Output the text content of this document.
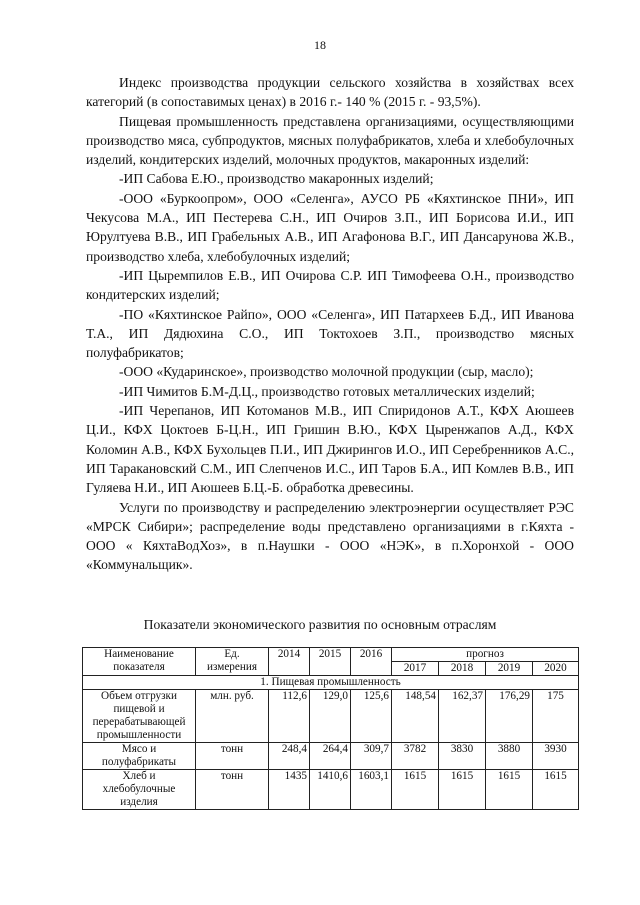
18

Индекс производства продукции сельского хозяйства в хозяйствах всех категорий (в сопоставимых ценах) в 2016 г.- 140 % (2015 г. - 93,5%).

Пищевая промышленность представлена организациями, осуществляющими производство мяса, субпродуктов, мясных полуфабрикатов, хлеба и хлебобулочных изделий, кондитерских изделий, молочных продуктов, макаронных изделий:

-ИП Сабова Е.Ю., производство макаронных изделий;

-ООО «Буркоопром», ООО «Селенга», АУСО РБ «Кяхтинское ПНИ», ИП Чекусова М.А., ИП Пестерева С.Н., ИП Очиров З.П., ИП Борисова И.И., ИП Юрултуева В.В., ИП Грабельных А.В., ИП Агафонова В.Г., ИП Дансарунова Ж.В., производство хлеба, хлебобулочных изделий;

-ИП Цыремпилов Е.В., ИП Очирова С.Р. ИП Тимофеева О.Н., производство кондитерских изделий;

-ПО «Кяхтинское Райпо», ООО «Селенга», ИП Патархеев Б.Д., ИП Иванова Т.А., ИП Дядюхина С.О., ИП Токтохоев З.П., производство мясных полуфабрикатов;

-ООО «Кударинское», производство молочной продукции (сыр, масло);

-ИП Чимитов Б.М-Д.Ц., производство готовых металлических изделий;

-ИП Черепанов, ИП Котоманов М.В., ИП Спиридонов А.Т., КФХ Аюшеев Ц.И., КФХ Цоктоев Б-Ц.Н., ИП Гришин В.Ю., КФХ Цыренжапов А.Д., КФХ Коломин А.В., КФХ Бухольцев П.И., ИП Джирингов И.О., ИП Серебренников А.С., ИП Таракановский С.М., ИП Слепченов И.С., ИП Таров Б.А., ИП Комлев В.В., ИП Гуляева Н.И., ИП Аюшеев Б.Ц.-Б. обработка древесины.

Услуги по производству и распределению электроэнергии осуществляет РЭС «МРСК Сибири»; распределение воды представлено организациями в г.Кяхта - ООО « КяхтаВодХоз», в п.Наушки - ООО «НЭК», в п.Хоронхой - ООО «Коммунальщик».

Показатели экономического развития по основным отраслям
Наименование показателя	Ед. измерения	2014	2015	2016	прогноз			
					2017	2018	2019	2020
1. Пищевая промышленность								
Объем отгрузки пищевой и перерабатывающей промышленности	млн. руб.	112,6	129,0	125,6	148,54	162,37	176,29	175
Мясо и полуфабрикаты	тонн	248,4	264,4	309,7	3782	3830	3880	3930
Хлеб и хлебобулочные изделия	тонн	1435	1410,6	1603,1	1615	1615	1615	1615
